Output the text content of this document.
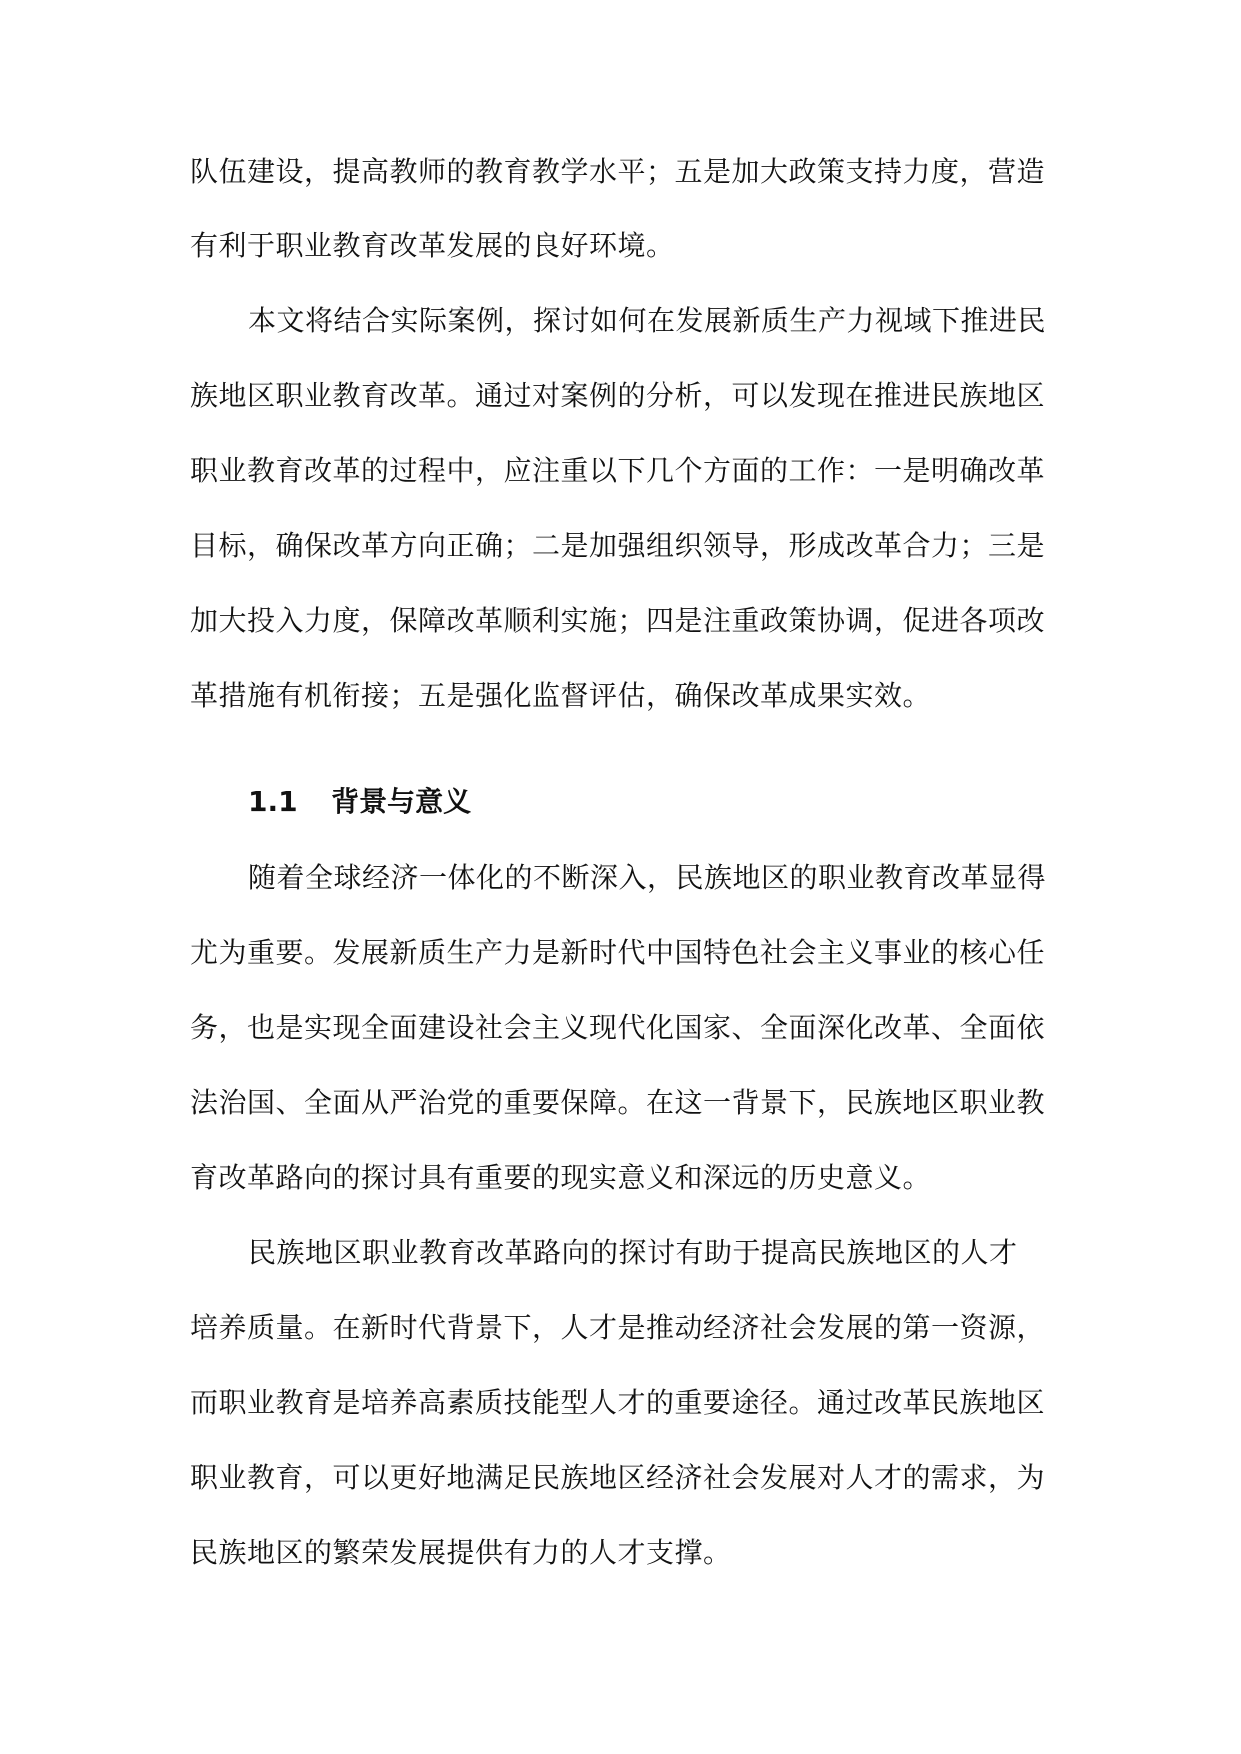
队伍建设，提高教师的教育教学水平；五是加大政策支持力度，营造
有利于职业教育改革发展的良好环境。
本文将结合实际案例，探讨如何在发展新质生产力视域下推进民
族地区职业教育改革。通过对案例的分析，可以发现在推进民族地区
职业教育改革的过程中，应注重以下几个方面的工作：一是明确改革
目标，确保改革方向正确；二是加强组织领导，形成改革合力；三是
加大投入力度，保障改革顺利实施；四是注重政策协调，促进各项改
革措施有机衔接；五是强化监督评估，确保改革成果实效。
1.1 背景与意义
随着全球经济一体化的不断深入，民族地区的职业教育改革显得
尤为重要。发展新质生产力是新时代中国特色社会主义事业的核心任
务，也是实现全面建设社会主义现代化国家、全面深化改革、全面依
法治国、全面从严治党的重要保障。在这一背景下，民族地区职业教
育改革路向的探讨具有重要的现实意义和深远的历史意义。
民族地区职业教育改革路向的探讨有助于提高民族地区的人才
培养质量。在新时代背景下，人才是推动经济社会发展的第一资源，
而职业教育是培养高素质技能型人才的重要途径。通过改革民族地区
职业教育，可以更好地满足民族地区经济社会发展对人才的需求，为
民族地区的繁荣发展提供有力的人才支撑。
